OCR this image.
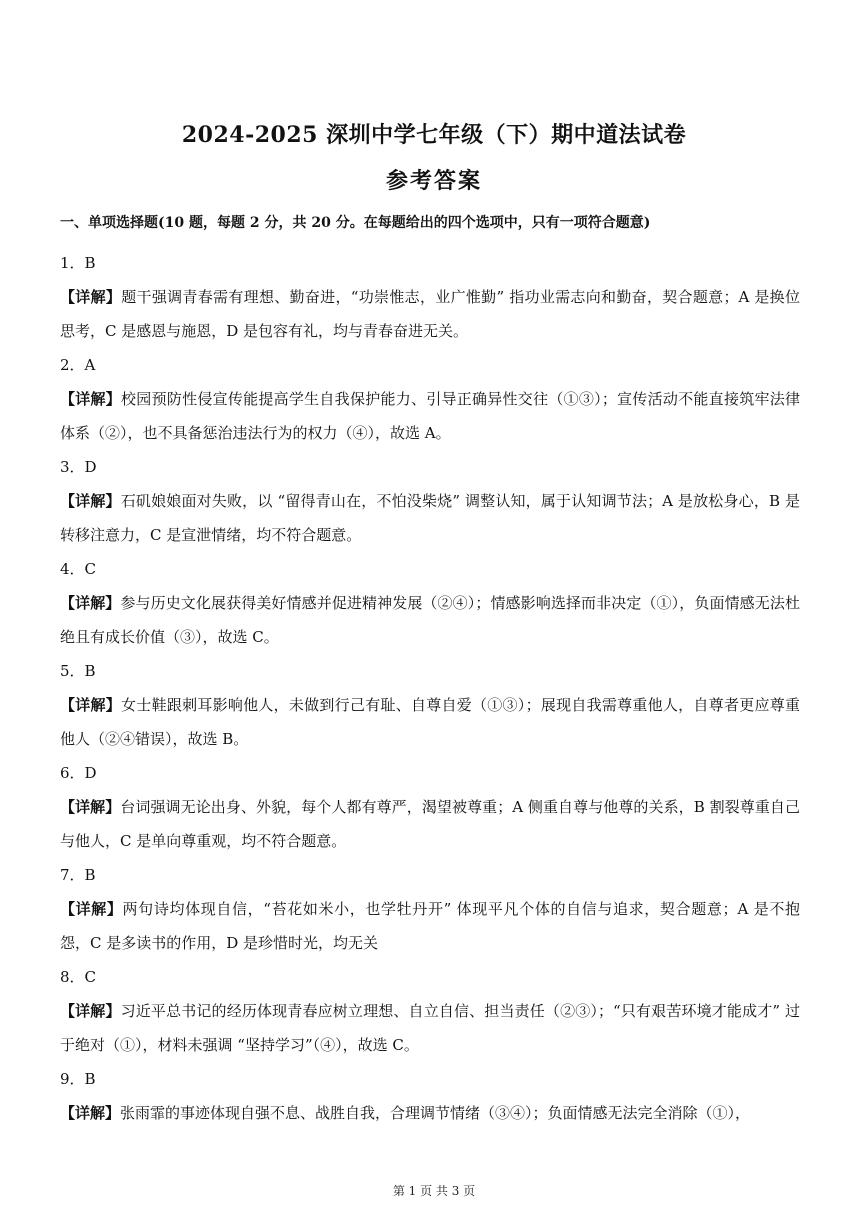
2024-2025 深圳中学七年级（下）期中道法试卷
参考答案
一、单项选择题(10 题，每题 2 分，共 20 分。在每题给出的四个选项中，只有一项符合题意)
1．B
【详解】题干强调青春需有理想、勤奋进，“功崇惟志，业广惟勤” 指功业需志向和勤奋，契合题意；A 是换位思考，C 是感恩与施恩，D 是包容有礼，均与青春奋进无关。
2．A
【详解】校园预防性侵宣传能提高学生自我保护能力、引导正确异性交往（①③）；宣传活动不能直接筑牢法律体系（②），也不具备惩治违法行为的权力（④），故选 A。
3．D
【详解】石矶娘娘面对失败，以 “留得青山在，不怕没柴烧” 调整认知，属于认知调节法；A 是放松身心，B 是转移注意力，C 是宣泄情绪，均不符合题意。
4．C
【详解】参与历史文化展获得美好情感并促进精神发展（②④）；情感影响选择而非决定（①），负面情感无法杜绝且有成长价值（③），故选 C。
5．B
【详解】女士鞋跟刺耳影响他人，未做到行己有耻、自尊自爱（①③）；展现自我需尊重他人，自尊者更应尊重他人（②④错误），故选 B。
6．D
【详解】台词强调无论出身、外貌，每个人都有尊严，渴望被尊重；A 侧重自尊与他尊的关系，B 割裂尊重自己与他人，C 是单向尊重观，均不符合题意。
7．B
【详解】两句诗均体现自信，“苔花如米小，也学牡丹开” 体现平凡个体的自信与追求，契合题意；A 是不抱怨，C 是多读书的作用，D 是珍惜时光，均无关
8．C
【详解】习近平总书记的经历体现青春应树立理想、自立自信、担当责任（②③）；“只有艰苦环境才能成才” 过于绝对（①），材料未强调 “坚持学习”（④），故选 C。
9．B
【详解】张雨霏的事迹体现自强不息、战胜自我，合理调节情绪（③④）；负面情感无法完全消除（①），
第 1 页 共 3 页
